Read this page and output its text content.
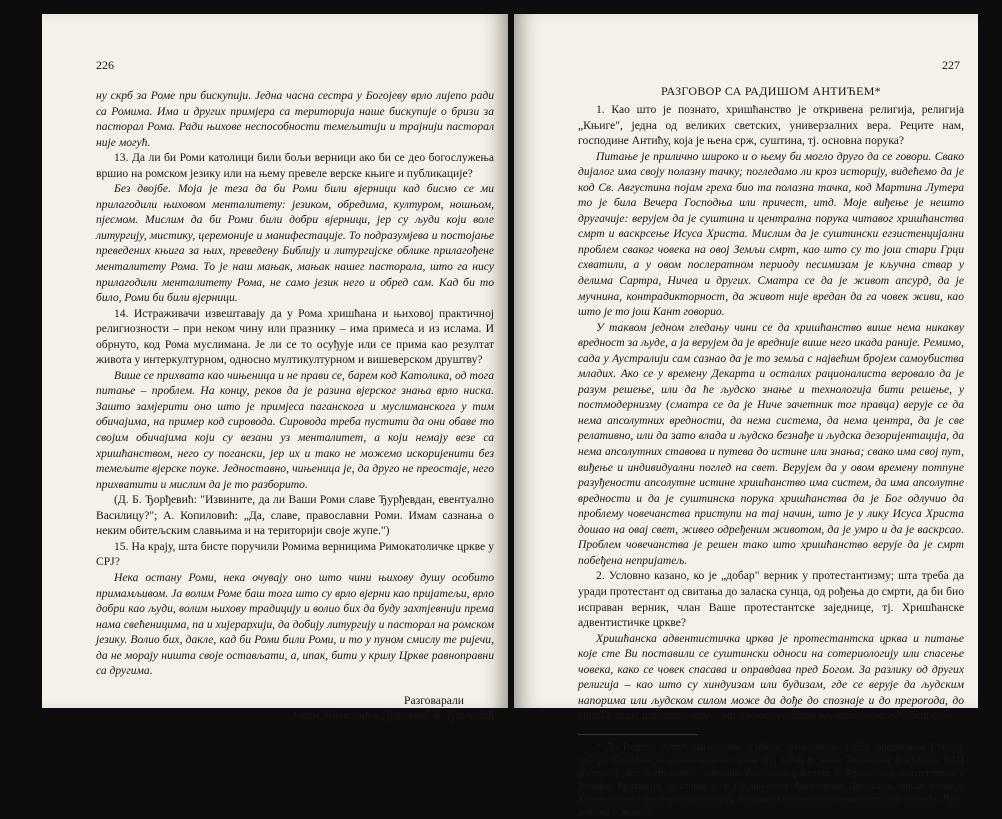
226

ну скрб за Роме при бискупији. Једна часна сестра у Богојеву врло лијепо ради са Ромима. Има и других примјера са територија наше бискупије о бризи за пасторал Рома. Ради њихове неспособности темељитији и трајнији пасторал није могућ.

13. Да ли би Роми католици били бољи верници ако би се део богослужења вршио на ромском језику или на њему превеле верске књиге и публикације?

Без двојбе. Моја је теза да би Роми били вјерници кад бисмо се ми прилагодили њиховом менталитету: језиком, обредима, културом, ношњом, пјесмом. Мислим да би Роми били добри вјерници, јер су људи који воле литургију, мистику, церемоније и манифестације. То подразумјева и постојање преведених књига за њих, преведену Библију и литургијске облике прилагођене менталитету Рома. То је наш мањак, мањак нашег пасторала, што га нису прилагодили менталитету Рома, не само језик него и обред сам. Кад би то било, Роми би били вјерници.

14. Истраживачи извештавају да у Рома хришћана и њиховој практичној религиозности – при неком чину или празнику – има примеса и из ислама. И обрнуто, код Рома муслимана. Је ли се то осуђује или се прима као резултат живота у интеркултурном, односно мултикултурном и вишеверском друштву?

Више се прихвата као чињеница и не прави се, барем код Католика, од тога питање – проблем. На концу, реков да је разина вјерског знања врло ниска. Зашто замјерити оно што је примјеса паганскога и муслиманскога у тим обичајима, на пример код сировода. Сировода треба пустити да они обаве то својим обичајима који су везани уз менталитет, а који немају везе са хришћанством, него су погански, јер их и тако не можемо искоријенити без темељите вјерске поуке. Једноставно, чињеница је, да друго не преостаје, него прихватити и мислим да је то разборито.

(Д. Б. Ђорђевић: "Извините, да ли Ваши Роми славе Ђурђевдан, евентуално Василицу?"; А. Копиловић: „Да, славе, православни Роми. Имам сазнања о неким обитељским славњима и на територији своје жупе.")

15. На крају, шта бисте поручили Ромима верницима Римокатоличке цркве у СРЈ?

Нека остану Роми, нека очувају оно што чини њихову душу особито примамљивом. Ја волим Роме баш тога што су врло вјерни као пријатељи, врло добри као људи, волим њихову традицију и волио бих да буду захтјевнији према нама свећеницима, па и хијерархији, да добију литургију и пасторал на ромском језику. Волио бих, дакле, кад би Роми били Роми, и то у пуном смислу те ријечи, да не морају ништа своје остављати, а, ипак, бити у крилу Цркве равноправни са другима.

Разговарали
Јован Живковић и Драгољуб Б. Ђорђевић
227
РАЗГОВОР СА РАДИШОМ АНТИЋЕМ*

1. Као што је познато, хришћанство је откривена религија, религија „Књиге", једна од великих светских, универзалних вера. Реците нам, господине Антићу, која је њена срж, суштина, тј. основна порука?

Питање је прилично широко и о њему би могло друго да се говори. Свако дијалог има своју полазну тачку; погледамо ли кроз историју, видећемо да је код Св. Августина појам греха био та полазна тачка, код Мартина Лутера то је била Вечера Господња или причест, итд. Моје виђење је нешто другачије: верујем да је суштина и централна порука читавог хришћанства смрт и васкрсење Исуса Христа. Мислим да је суштински егзистенцијални проблем сваког човека на овој Земљи смрт, као што су то још стари Грци схватили, а у овом послератном периоду песимизам је кључна ствар у делима Сартра, Ничеа и других. Сматра се да је живот апсурд, да је мучнина, контрадикторност, да живот није вредан да га човек живи, као што је то још Кант говорио.

У таквом једном гледању чини се да хришћанство више нема никакву вредност за људе, а ја верујем да је вредније више него икада раније. Ремимо, сада у Аустралији сам сазнао да је то земља с највећим бројем самоубиства младих. Ако се у времену Декарта и осталих рационалиста веровало да је разум решење, или да ће људско знање и технологија бити решење, у постмодернизму (сматра се да је Ниче зачетник тог правца) верује се да нема апсолутних вредности, да нема система, да нема центра, да је све релативно, или да зато влада и људско безнађе и људска дезоријентација, да нема апсолутних ставова и путева до истине или знања; свако има свој пут, виђење и индивидуални поглед на свет. Верујем да у овом времену потпуне разуђености апсолутне истине хришћанство има систем, да има апсолутне вредности и да је суштинска порука хришћанства да је Бог одлучио да проблему човечанства приступи на тај начин, што је у лику Исуса Христа дошао на овај свет, живео одређеним животом, да је умро и да је васкрсао. Проблем човечанства је решен тако што хришћанство верује да је смрт побеђена непријатељ.

2. Условно казано, ко је „добар" верник у протестантизму; шта треба да уради протестант од свитања до заласка сунца, од рођења до смрти, да би био исправан верник, члан Ваше протестантске заједнице, тј. Хришћанске адвентистичке цркве?

Хришћанска адвентистичка црква је протестантска црква и питање које сте Ви поставили се суштински односи на сотериологију или спасење човека, како се човек спасава и оправдава пред Богом. За разлику од других религија – као што су хиндуизам или будизам, где се верује да људским напорима или људском силом може да дође до спознаје и до преporода, до стања мира или хармоније – ми у протестантизму видимо могућност спа-

* Др Радиша Антић (Шаркамен /Србија, Југославија/, 1955), председник Главног одбора Хришћанске адвентистичке цркве (од 1994) и декан Теолошког факултета ХАЦ (Београд), после гимназије, завршио Теолошки факултет у Француској, магистрирао у Великој Британији, докторирао у Сједињеним Америчким Државама, писац студија: Хуманистичка реконцептуализација Тимијевог догматског марксистичког погледа, Пут, истина и живот.
